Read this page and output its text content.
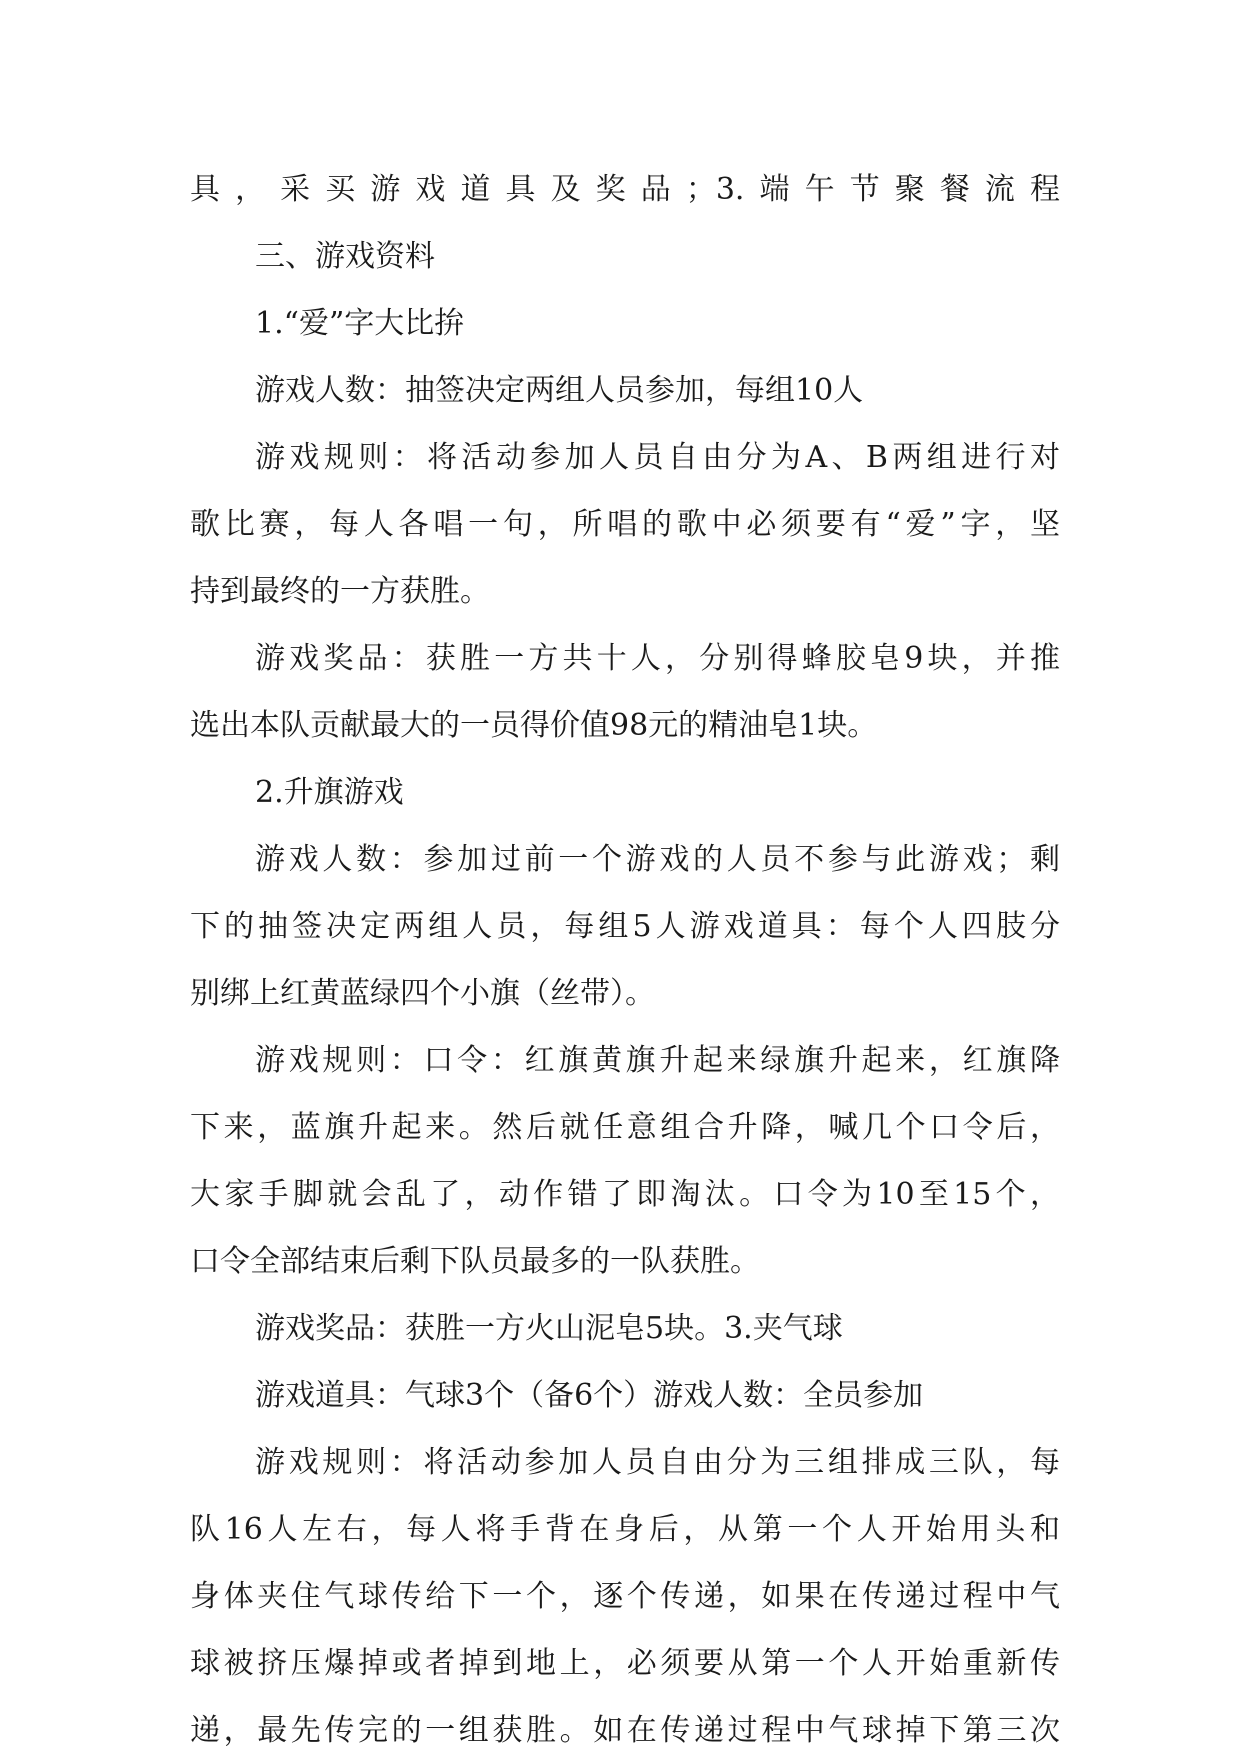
具，采买游戏道具及奖品；3.端午节聚餐流程
三、游戏资料
1.“爱”字大比拚
游戏人数：抽签决定两组人员参加，每组10人
游戏规则：将活动参加人员自由分为A、B两组进行对
歌比赛，每人各唱一句，所唱的歌中必须要有“爱”字，坚
持到最终的一方获胜。
游戏奖品：获胜一方共十人，分别得蜂胶皂9块，并推
选出本队贡献最大的一员得价值98元的精油皂1块。
2.升旗游戏
游戏人数：参加过前一个游戏的人员不参与此游戏；剩
下的抽签决定两组人员，每组5人游戏道具：每个人四肢分
别绑上红黄蓝绿四个小旗（丝带）。
游戏规则：口令：红旗黄旗升起来绿旗升起来，红旗降
下来，蓝旗升起来。然后就任意组合升降，喊几个口令后，
大家手脚就会乱了，动作错了即淘汰。口令为10至15个，
口令全部结束后剩下队员最多的一队获胜。
游戏奖品：获胜一方火山泥皂5块。3.夹气球
游戏道具：气球3个（备6个）游戏人数：全员参加
游戏规则：将活动参加人员自由分为三组排成三队，每
队16人左右，每人将手背在身后，从第一个人开始用头和
身体夹住气球传给下一个，逐个传递，如果在传递过程中气
球被挤压爆掉或者掉到地上，必须要从第一个人开始重新传
递，最先传完的一组获胜。如在传递过程中气球掉下第三次
